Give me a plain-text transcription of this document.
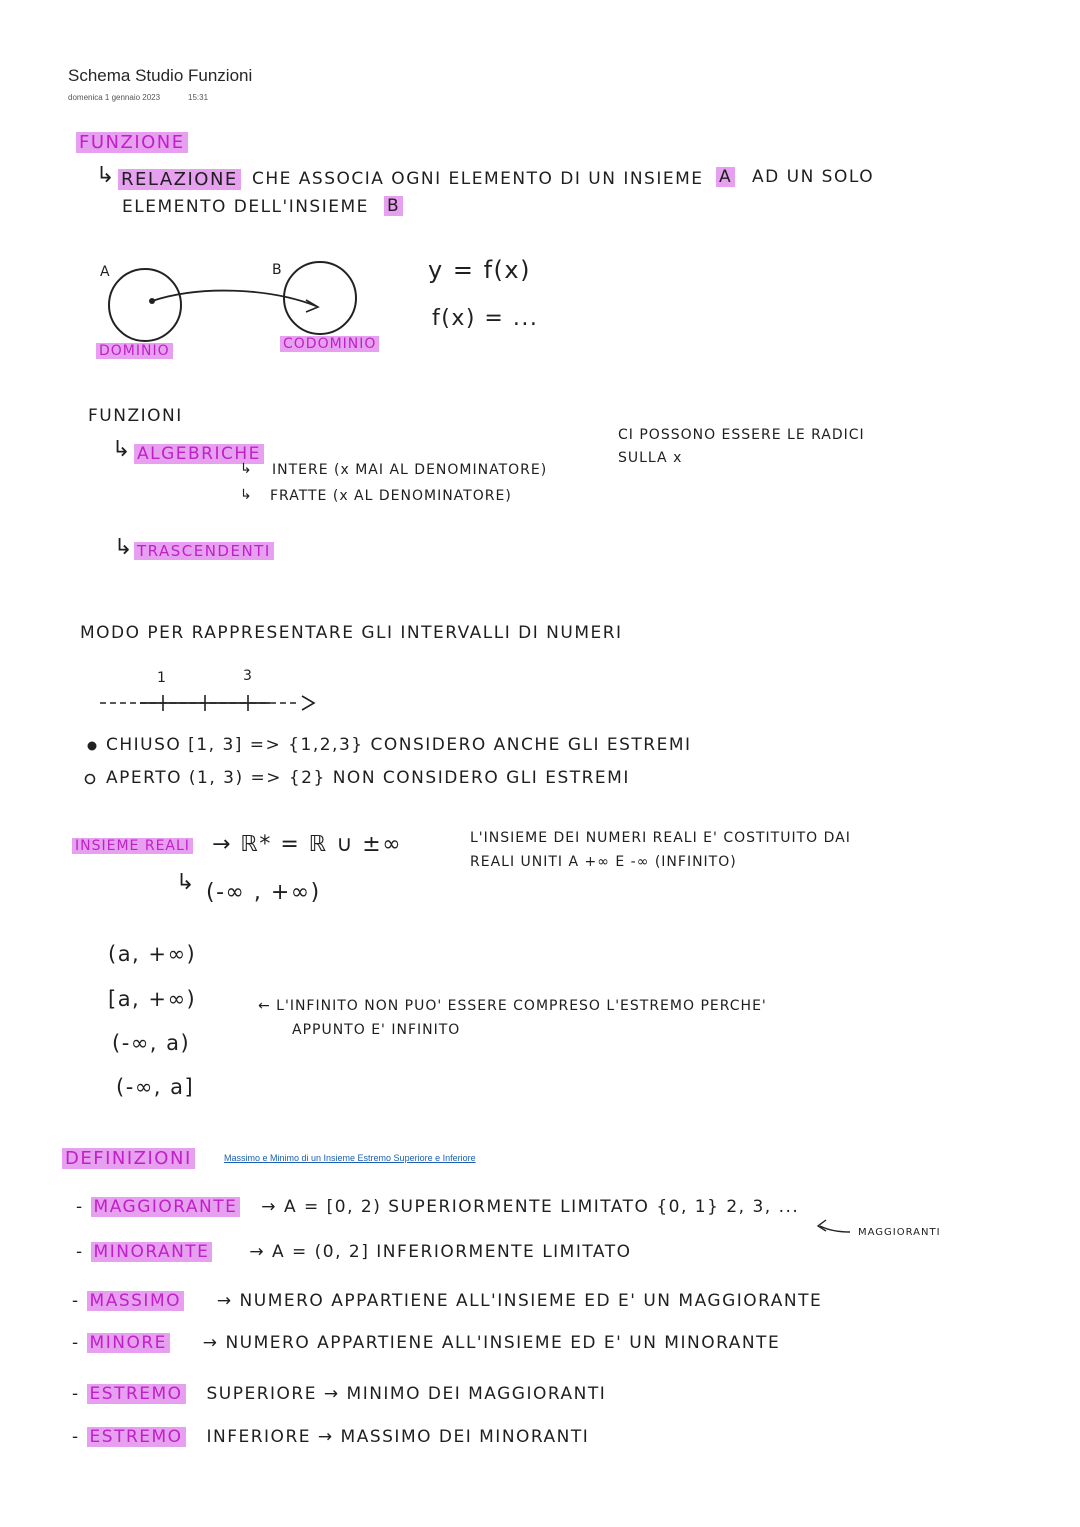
Schema Studio Funzioni
domenica 1 gennaio 2023	15:31
FUNZIONE
↳ RELAZIONE CHE ASSOCIA OGNI ELEMENTO DI UN INSIEME A AD UN SOLO
ELEMENTO DELL'INSIEME B
A	B
DOMINIO	CODOMINIO
y = f(x)
f(x) = ...
FUNZIONI
↳ ALGEBRICHE
↳ INTERE (x MAI AL DENOMINATORE)
↳ FRATTE (x AL DENOMINATORE)
CI POSSONO ESSERE LE RADICI
SULLA x
↳ TRASCENDENTI
MODO PER RAPPRESENTARE GLI INTERVALLI DI NUMERI
1	3
CHIUSO [1, 3] => {1,2,3} CONSIDERO ANCHE GLI ESTREMI
APERTO (1, 3) => {2} NON CONSIDERO GLI ESTREMI
INSIEME REALI → ℝ* = ℝ ∪ ±∞	L'INSIEME DEI NUMERI REALI E' COSTITUITO DAI
REALI UNITI A +∞ E -∞ (INFINITO)
↳ (-∞ , +∞)
(a, +∞)
[a, +∞)
(-∞, a)
(-∞, a]
← L'INFINITO NON PUO' ESSERE COMPRESO L'ESTREMO PERCHE'
APPUNTO E' INFINITO
DEFINIZIONI	Massimo e Minimo di un Insieme Estremo Superiore e Inferiore
- MAGGIORANTE → A = [0, 2) SUPERIORMENTE LIMITATO {0, 1} 2, 3, ...
MAGGIORANTI
- MINORANTE → A = (0, 2] INFERIORMENTE LIMITATO
- MASSIMO → NUMERO APPARTIENE ALL'INSIEME ED E' UN MAGGIORANTE
- MINORE → NUMERO APPARTIENE ALL'INSIEME ED E' UN MINORANTE
- ESTREMO SUPERIORE → MINIMO DEI MAGGIORANTI
- ESTREMO INFERIORE → MASSIMO DEI MINORANTI
